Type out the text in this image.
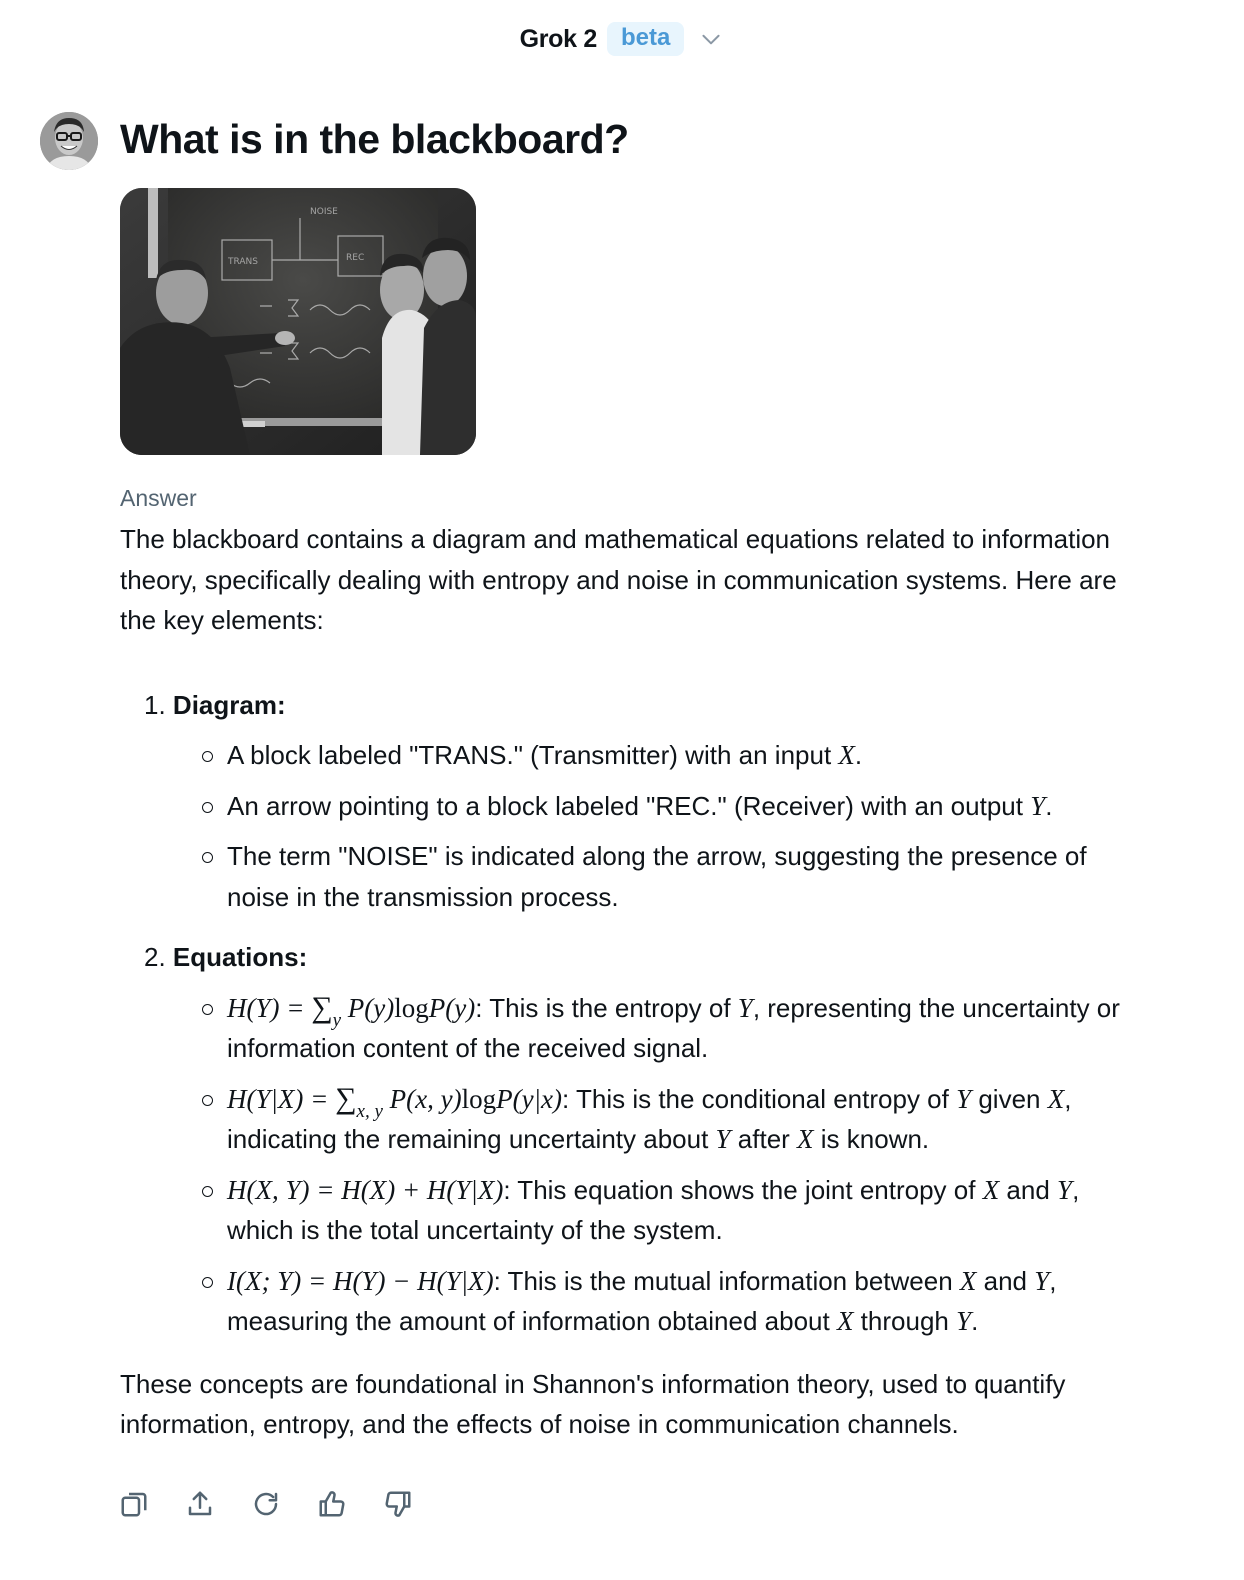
Grok 2	beta
What is in the blackboard?
NOISE
TRANS	REC
Answer

The blackboard contains a diagram and mathematical equations related to information theory, specifically dealing with entropy and noise in communication systems. Here are the key elements:

1. Diagram:
A block labeled "TRANS." (Transmitter) with an input X.
An arrow pointing to a block labeled "REC." (Receiver) with an output Y.
The term "NOISE" is indicated along the arrow, suggesting the presence of noise in the transmission process.
2. Equations:
$H(Y) = \sum_y$ P(y)logP(y): This is the entropy of Y, representing the uncertainty or information content of the received signal.
$H(Y|X) = \sum_{x, y}$ P(x, y)logP(y|x): This is the conditional entropy of Y given X, indicating the remaining uncertainty about Y after X is known.
H(X, Y) = H(X) + H(Y|X): This equation shows the joint entropy of X and Y, which is the total uncertainty of the system.
I(X; Y) = H(Y) − H(Y|X): This is the mutual information between X and Y, measuring the amount of information obtained about X through Y.

These concepts are foundational in Shannon's information theory, used to quantify information, entropy, and the effects of noise in communication channels.
